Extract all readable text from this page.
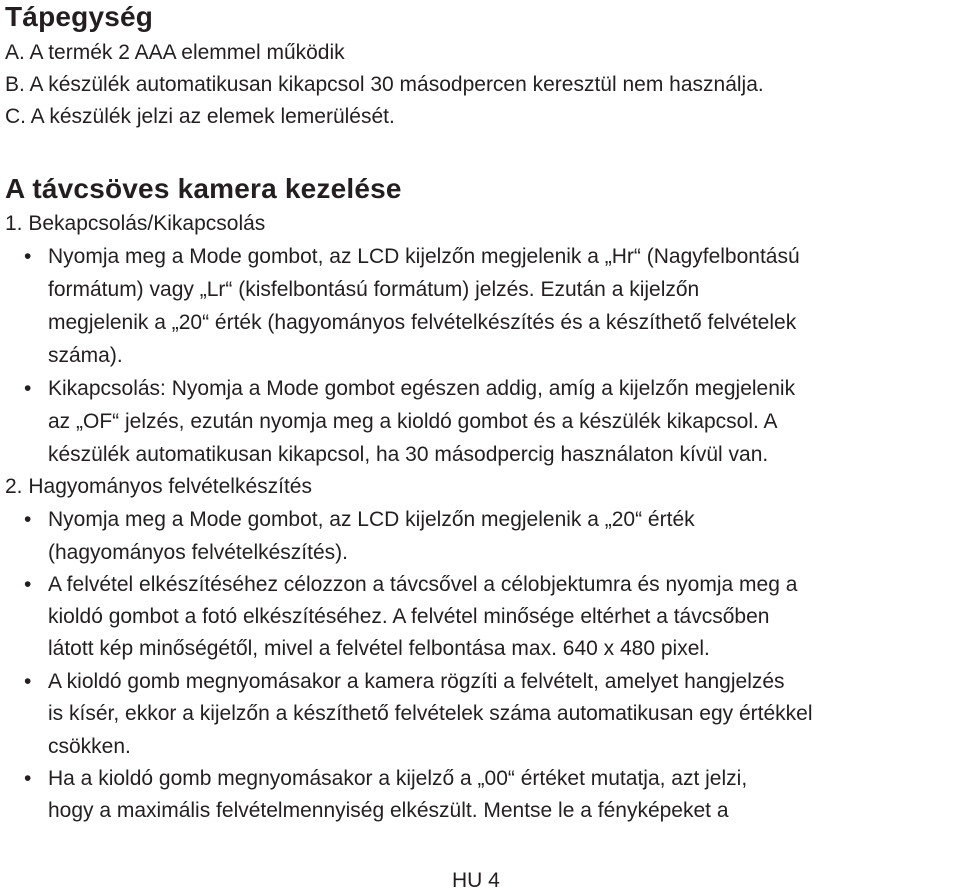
Tápegység

A. A termék 2 AAA elemmel működik

B. A készülék automatikusan kikapcsol 30 másodpercen keresztül nem használja.

C. A készülék jelzi az elemek lemerülését.

A távcsöves kamera kezelése

1. Bekapcsolás/Kikapcsolás

• Nyomja meg a Mode gombot, az LCD kijelzőn megjelenik a „Hr“ (Nagyfelbontású

formátum) vagy „Lr“ (kisfelbontású formátum) jelzés. Ezután a kijelzőn

megjelenik a „20“ érték (hagyományos felvételkészítés és a készíthető felvételek

száma).

• Kikapcsolás: Nyomja a Mode gombot egészen addig, amíg a kijelzőn megjelenik

az „OF“ jelzés, ezután nyomja meg a kioldó gombot és a készülék kikapcsol. A

készülék automatikusan kikapcsol, ha 30 másodpercig használaton kívül van.

2. Hagyományos felvételkészítés

• Nyomja meg a Mode gombot, az LCD kijelzőn megjelenik a „20“ érték

(hagyományos felvételkészítés).

• A felvétel elkészítéséhez célozzon a távcsővel a célobjektumra és nyomja meg a

kioldó gombot a fotó elkészítéséhez. A felvétel minősége eltérhet a távcsőben

látott kép minőségétől, mivel a felvétel felbontása max. 640 x 480 pixel.

• A kioldó gomb megnyomásakor a kamera rögzíti a felvételt, amelyet hangjelzés

is kísér, ekkor a kijelzőn a készíthető felvételek száma automatikusan egy értékkel

csökken.

• Ha a kioldó gomb megnyomásakor a kijelző a „00“ értéket mutatja, azt jelzi,

hogy a maximális felvételmennyiség elkészült. Mentse le a fényképeket a

HU 4
